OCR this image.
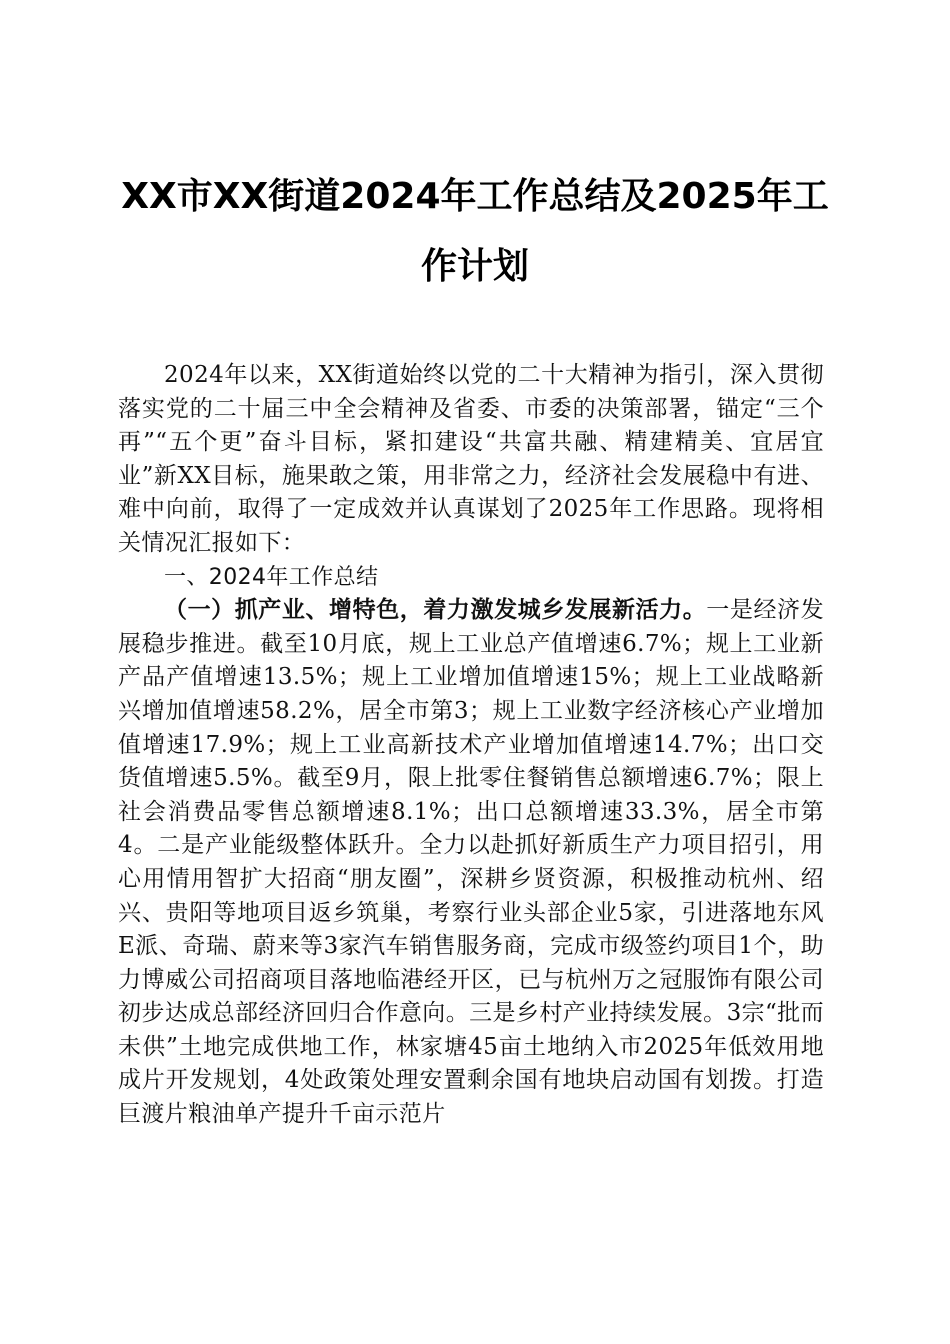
XX市XX街道2024年工作总结及2025年工
作计划

2024年以来，XX街道始终以党的二十大精神为指引，深入贯彻落实党的二十届三中全会精神及省委、市委的决策部署，锚定“三个再”“五个更”奋斗目标，紧扣建设“共富共融、精建精美、宜居宜业”新XX目标，施果敢之策，用非常之力，经济社会发展稳中有进、难中向前，取得了一定成效并认真谋划了2025年工作思路。现将相关情况汇报如下：

一、2024年工作总结

（一）抓产业、增特色，着力激发城乡发展新活力。一是经济发展稳步推进。截至10月底，规上工业总产值增速6.7%；规上工业新产品产值增速13.5%；规上工业增加值增速15%；规上工业战略新兴增加值增速58.2%，居全市第3；规上工业数字经济核心产业增加值增速17.9%；规上工业高新技术产业增加值增速14.7%；出口交货值增速5.5%。截至9月，限上批零住餐销售总额增速6.7%；限上社会消费品零售总额增速8.1%；出口总额增速33.3%，居全市第4。二是产业能级整体跃升。全力以赴抓好新质生产力项目招引，用心用情用智扩大招商“朋友圈”，深耕乡贤资源，积极推动杭州、绍兴、贵阳等地项目返乡筑巢，考察行业头部企业5家，引进落地东风E派、奇瑞、蔚来等3家汽车销售服务商，完成市级签约项目1个，助力博威公司招商项目落地临港经开区，已与杭州万之冠服饰有限公司初步达成总部经济回归合作意向。三是乡村产业持续发展。3宗“批而未供”土地完成供地工作，林家塘45亩土地纳入市2025年低效用地成片开发规划，4处政策处理安置剩余国有地块启动国有划拨。打造巨渡片粮油单产提升千亩示范片
